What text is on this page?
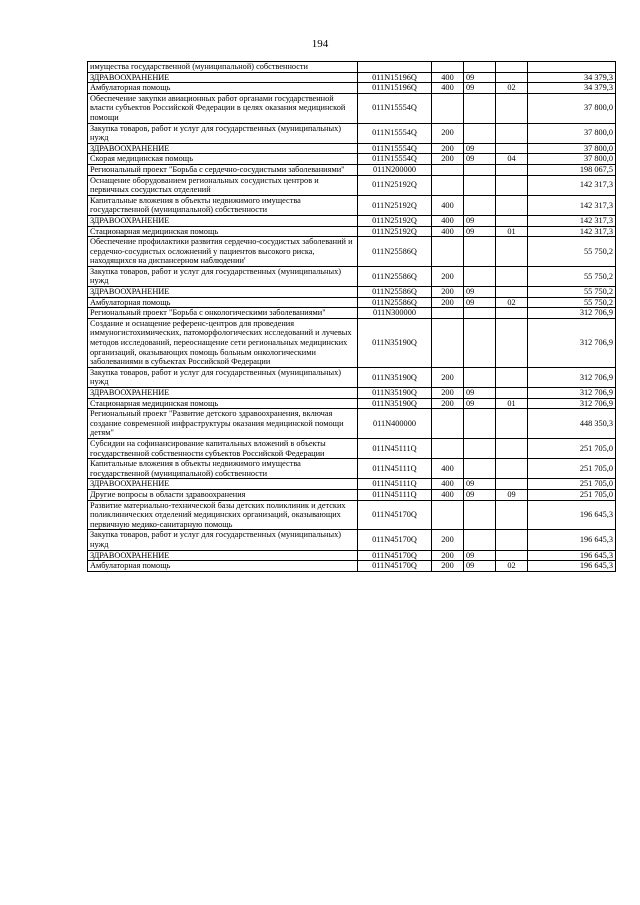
194
имущества государственной (муниципальной) собственности					
ЗДРАВООХРАНЕНИЕ	011N15196Q	400	09		34 379,3
Амбулаторная помощь	011N15196Q	400	09	02	34 379,3
Обеспечение закупки авиационных работ органами государственной власти субъектов Российской Федерации в целях оказания медицинской помощи	011N15554Q				37 800,0
Закупка товаров, работ и услуг для государственных (муниципальных) нужд	011N15554Q	200			37 800,0
ЗДРАВООХРАНЕНИЕ	011N15554Q	200	09		37 800,0
Скорая медицинская помощь	011N15554Q	200	09	04	37 800,0
Региональный проект "Борьба с сердечно-сосудистыми заболеваниями"	011N200000				198 067,5
Оснащение оборудованием региональных сосудистых центров и первичных сосудистых отделений	011N25192Q				142 317,3
Капитальные вложения в объекты недвижимого имущества государственной (муниципальной) собственности	011N25192Q	400			142 317,3
ЗДРАВООХРАНЕНИЕ	011N25192Q	400	09		142 317,3
Стационарная медицинская помощь	011N25192Q	400	09	01	142 317,3
Обеспечение профилактики развития сердечно-сосудистых заболеваний и сердечно-сосудистых осложнений у пациентов высокого риска, находящихся на диспансерном наблюдении'	011N25586Q				55 750,2
Закупка товаров, работ и услуг для государственных (муниципальных) нужд	011N25586Q	200			55 750,2
ЗДРАВООХРАНЕНИЕ	011N25586Q	200	09		55 750,2
Амбулаторная помощь	011N25586Q	200	09	02	55 750,2
Региональный проект "Борьба с онкологическими заболеваниями"	011N300000				312 706,9
Создание и оснащение референс-центров для проведения иммуногистохимических, патоморфологических исследований и лучевых методов исследований, переоснащение сети региональных медицинских организаций, оказывающих помощь больным онкологическими заболеваниями в субъектах Российской Федерации	011N35190Q				312 706,9
Закупка товаров, работ и услуг для государственных (муниципальных) нужд	011N35190Q	200			312 706,9
ЗДРАВООХРАНЕНИЕ	011N35190Q	200	09		312 706,9
Стационарная медицинская помощь	011N35190Q	200	09	01	312 706,9
Региональный проект "Развитие детского здравоохранения, включая создание современной инфраструктуры оказания медицинской помощи детям"	011N400000				448 350,3
Субсидии на софинансирование капитальных вложений в объекты государственной собственности субъектов Российской Федерации	011N45111Q				251 705,0
Капитальные вложения в объекты недвижимого имущества государственной (муниципальной) собственности	011N45111Q	400			251 705,0
ЗДРАВООХРАНЕНИЕ	011N45111Q	400	09		251 705,0
Другие вопросы в области здравоохранения	011N45111Q	400	09	09	251 705,0
Развитие материально-технической базы детских поликлиник и детских поликлинических отделений медицинских организаций, оказывающих первичную медико-санитарную помощь	011N45170Q				196 645,3
Закупка товаров, работ и услуг для государственных (муниципальных) нужд	011N45170Q	200			196 645,3
ЗДРАВООХРАНЕНИЕ	011N45170Q	200	09		196 645,3
Амбулаторная помощь	011N45170Q	200	09	02	196 645,3
